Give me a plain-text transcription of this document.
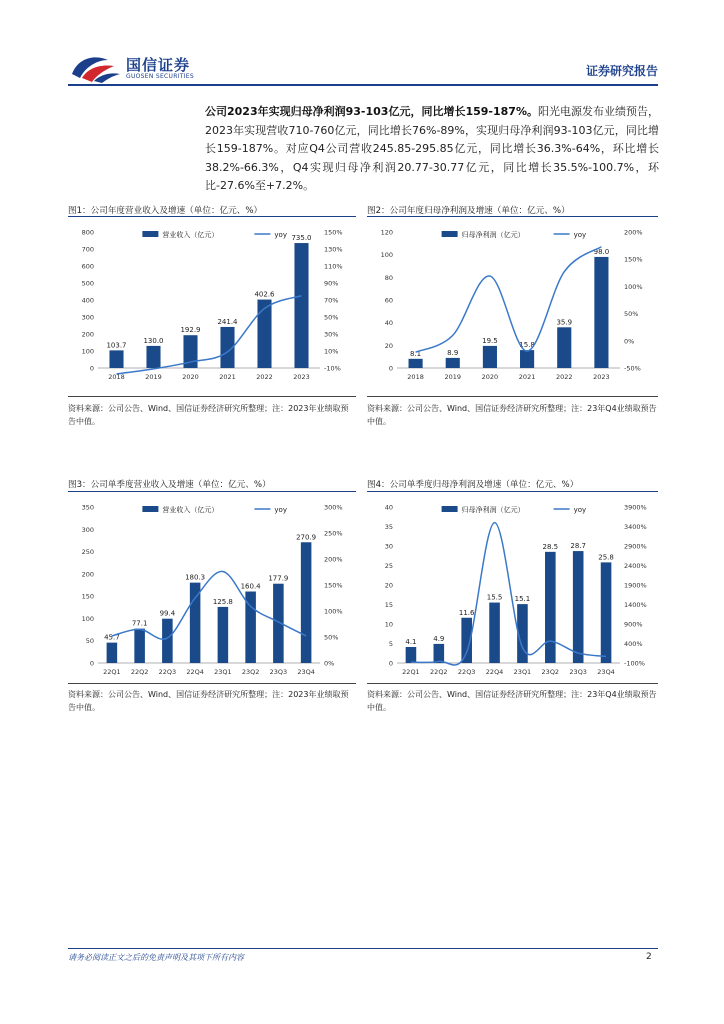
国信证券
GUOSEN SECURITIES	证券研究报告
公司2023年实现归母净利润93-103亿元，同比增长159-187%。阳光电源发布业绩预告，2023年实现营收710-760亿元，同比增长76%-89%，实现归母净利润93-103亿元，同比增长159-187%。对应Q4公司营收245.85-295.85亿元，同比增长36.3%-64%，环比增长38.2%-66.3%，Q4实现归母净利润20.77-30.77亿元，同比增长35.5%-100.7%，环比-27.6%至+7.2%。
图1：公司年度营业收入及增速（单位：亿元、%）
0
100
200
300
400
500
600
700
800
-10%
10%
30%
50%
70%
90%
110%
130%
150%
103.7
130.0
192.9
241.4
402.6
735.0
2018	2019	2020	2021	2022	2023
营业收入（亿元）	yoy
资料来源：公司公告、Wind、国信证券经济研究所整理；注：2023年业绩取预告中值。
图2：公司年度归母净利润及增速（单位：亿元、%）
0
20
40
60
80
100
120
-50%
0%
50%
100%
150%
200%
8.1	8.9
19.5
15.8
35.9
98.0
2018	2019	2020	2021	2022	2023
归母净利润（亿元）	yoy
资料来源：公司公告、Wind、国信证券经济研究所整理；注：23年Q4业绩取预告中值。
图3：公司单季度营业收入及增速（单位：亿元、%）
0
50
100
150
200
250
300
350
0%
50%
100%
150%
200%
250%
300%
45.7
77.1
99.4
180.3
125.8
160.4
177.9
270.9
22Q1 22Q2 22Q3 22Q4 23Q1 23Q2 23Q3 23Q4
营业收入（亿元）	yoy
资料来源：公司公告、Wind、国信证券经济研究所整理；注：2023年业绩取预告中值。
图4：公司单季度归母净利润及增速（单位：亿元、%）
0
5
10
15
20
25
30
35
40
-100%
400%
900%
1400%
1900%
2400%
2900%
3400%
3900%
4.1 4.9
11.6
15.5 15.1
28.5 28.7
25.8
22Q1 22Q2 22Q3 22Q4 23Q1 23Q2 23Q3 23Q4
归母净利润（亿元）	yoy
资料来源：公司公告、Wind、国信证券经济研究所整理；注：23年Q4业绩取预告中值。
请务必阅读正文之后的免责声明及其项下所有内容	2
